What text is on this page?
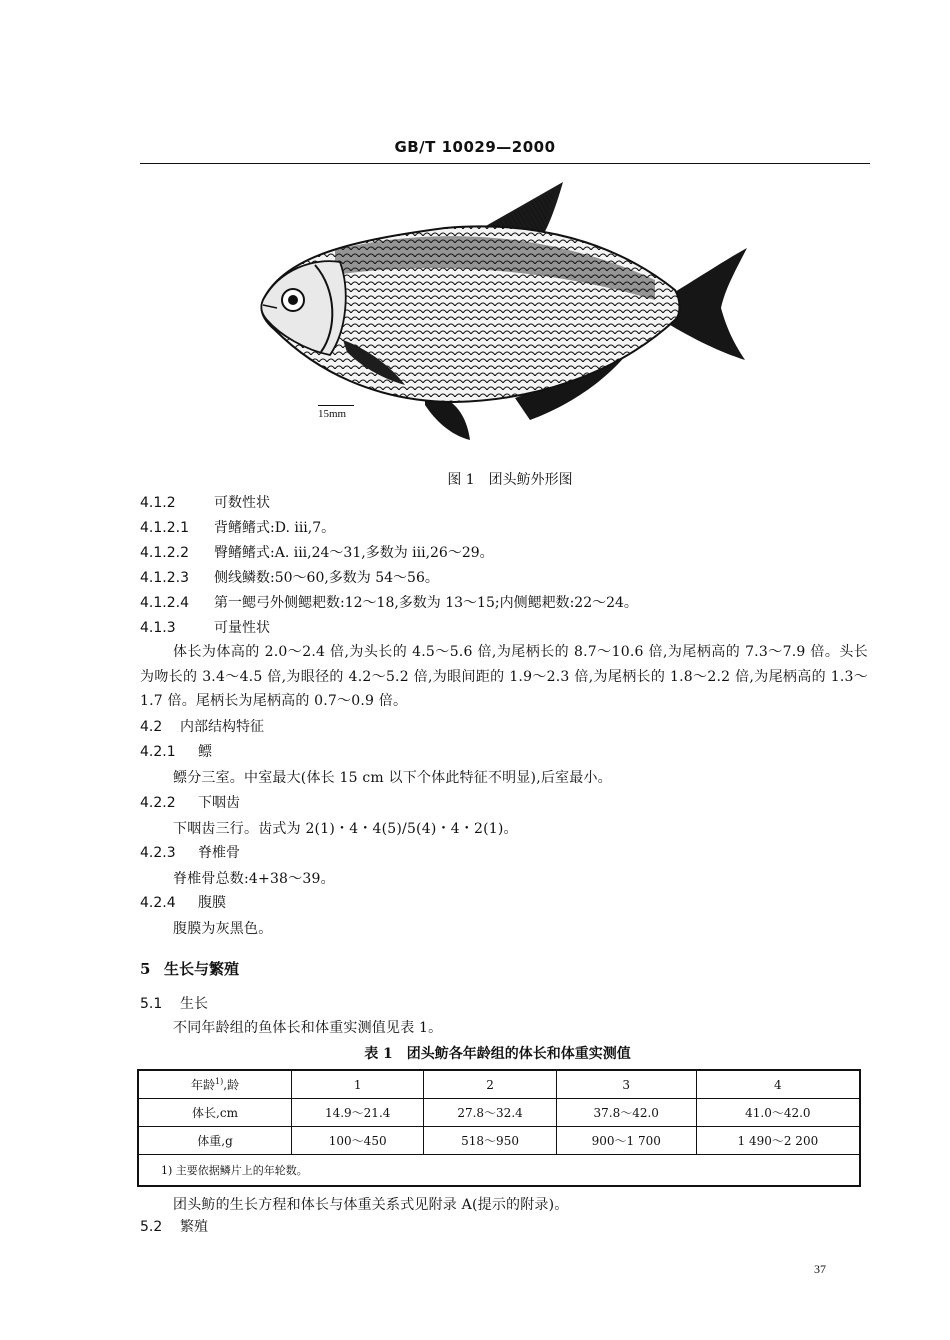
GB/T 10029—2000
15mm
图 1　团头鲂外形图
4.1.2	可数性状
4.1.2.1 背鳍鳍式:D. iii,7。
4.1.2.2 臀鳍鳍式:A. iii,24～31,多数为 iii,26～29。
4.1.2.3 侧线鳞数:50～60,多数为 54～56。
4.1.2.4 第一鳃弓外侧鳃耙数:12～18,多数为 13～15;内侧鳃耙数:22～24。
4.1.3	可量性状
体长为体高的 2.0～2.4 倍,为头长的 4.5～5.6 倍,为尾柄长的 8.7～10.6 倍,为尾柄高的 7.3～7.9 倍。头长为吻长的 3.4～4.5 倍,为眼径的 4.2～5.2 倍,为眼间距的 1.9～2.3 倍,为尾柄长的 1.8～2.2 倍,为尾柄高的 1.3～1.7 倍。尾柄长为尾柄高的 0.7～0.9 倍。
4.2 内部结构特征
4.2.1 鳔
鳔分三室。中室最大(体长 15 cm 以下个体此特征不明显),后室最小。
4.2.2 下咽齿
下咽齿三行。齿式为 2(1)・4・4(5)/5(4)・4・2(1)。
4.2.3 脊椎骨
脊椎骨总数:4+38～39。
4.2.4 腹膜
腹膜为灰黑色。
5 生长与繁殖
5.1 生长
不同年龄组的鱼体长和体重实测值见表 1。
表 1　团头鲂各年龄组的体长和体重实测值
年龄$^{1)}$,龄	1	2	3	4
体长,cm	14.9～21.4	27.8～32.4	37.8～42.0	41.0～42.0
体重,g	100～450	518～950	900～1 700	1 490～2 200
1) 主要依据鳞片上的年轮数。				
团头鲂的生长方程和体长与体重关系式见附录 A(提示的附录)。
5.2 繁殖
37
